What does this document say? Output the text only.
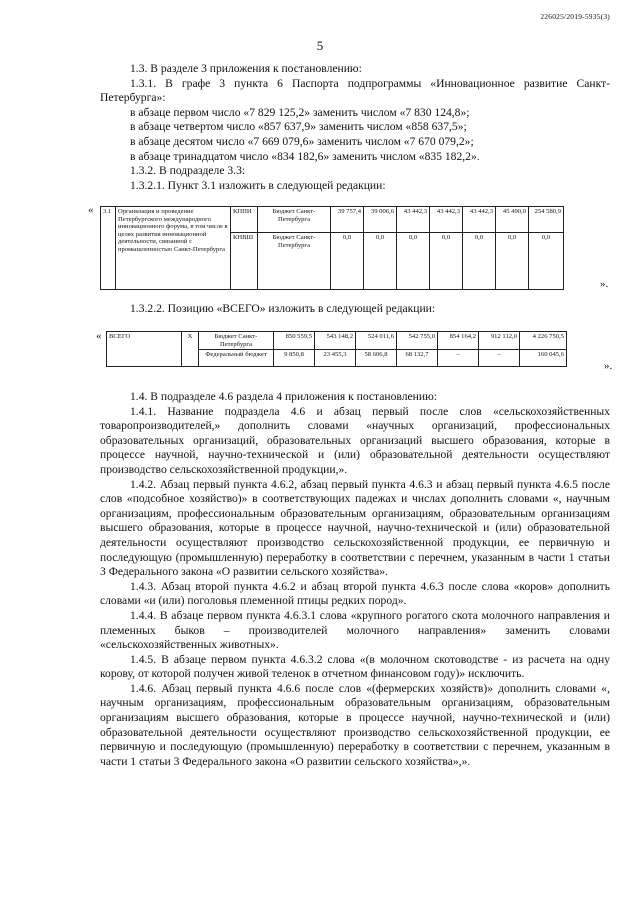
226025/2019-5935(3)
5

1.3. В разделе 3 приложения к постановлению:

1.3.1. В графе 3 пункта 6 Паспорта подпрограммы «Инновационное развитие Санкт-Петербурга»:

в абзаце первом число «7 829 125,2» заменить числом «7 830 124,8»;

в абзаце четвертом число «857 637,9» заменить числом «858 637,5»;

в абзаце десятом число «7 669 079,6» заменить числом «7 670 079,2»;

в абзаце тринадцатом число «834 182,6» заменить числом «835 182,2».

1.3.2. В подразделе 3.3:

1.3.2.1. Пункт 3.1 изложить в следующей редакции:

« 3.1	Организация и проведение Петербургского международного инновационного форума, в том числе в целях развития инновационной деятельности, связанной с промышленностью Санкт-Петербурга	КППИ	Бюджет Санкт-Петербурга	39 757,4	39 006,6	43 442,3	43 442,3	43 442,3	45 490,0	254 580,9
		КНВШ	Бюджет Санкт-Петербурга	0,0	0,0	0,0	0,0	0,0	0,0	0,0
».

1.3.2.2. Позицию «ВСЕГО» изложить в следующей редакции:

« ВСЕГО	Х	Бюджет Санкт-Петербурга	850 559,5	543 148,2	524 011,6	542 755,0	854 164,2	912 112,0	4 226 750,5
		Федеральный бюджет	9 850,8	23 455,3	58 606,8	68 132,7	–	–	160 045,6
».

1.4. В подразделе 4.6 раздела 4 приложения к постановлению:

1.4.1. Название подраздела 4.6 и абзац первый после слов «сельскохозяйственных товаропроизводителей,» дополнить словами «научных организаций, профессиональных образовательных организаций, образовательных организаций высшего образования, которые в процессе научной, научно-технической и (или) образовательной деятельности осуществляют производство сельскохозяйственной продукции,».

1.4.2. Абзац первый пункта 4.6.2, абзац первый пункта 4.6.3 и абзац первый пункта 4.6.5 после слов «подсобное хозяйство)» в соответствующих падежах и числах дополнить словами «, научным организациям, профессиональным образовательным организациям, образовательным организациям высшего образования, которые в процессе научной, научно-технической и (или) образовательной деятельности осуществляют производство сельскохозяйственной продукции, ее первичную и последующую (промышленную) переработку в соответствии с перечнем, указанным в части 1 статьи 3 Федерального закона «О развитии сельского хозяйства».

1.4.3. Абзац второй пункта 4.6.2 и абзац второй пункта 4.6.3 после слова «коров» дополнить словами «и (или) поголовья племенной птицы редких пород».

1.4.4. В абзаце первом пункта 4.6.3.1 слова «крупного рогатого скота молочного направления и племенных быков – производителей молочного направления» заменить словами «сельскохозяйственных животных».

1.4.5. В абзаце первом пункта 4.6.3.2 слова «(в молочном скотоводстве - из расчета на одну корову, от которой получен живой теленок в отчетном финансовом году)» исключить.

1.4.6. Абзац первый пункта 4.6.6 после слов «(фермерских хозяйств)» дополнить словами «, научным организациям, профессиональным образовательным организациям, образовательным организациям высшего образования, которые в процессе научной, научно-технической и (или) образовательной деятельности осуществляют производство сельскохозяйственной продукции, ее первичную и последующую (промышленную) переработку в соответствии с перечнем, указанным в части 1 статьи 3 Федерального закона «О развитии сельского хозяйства»,».
